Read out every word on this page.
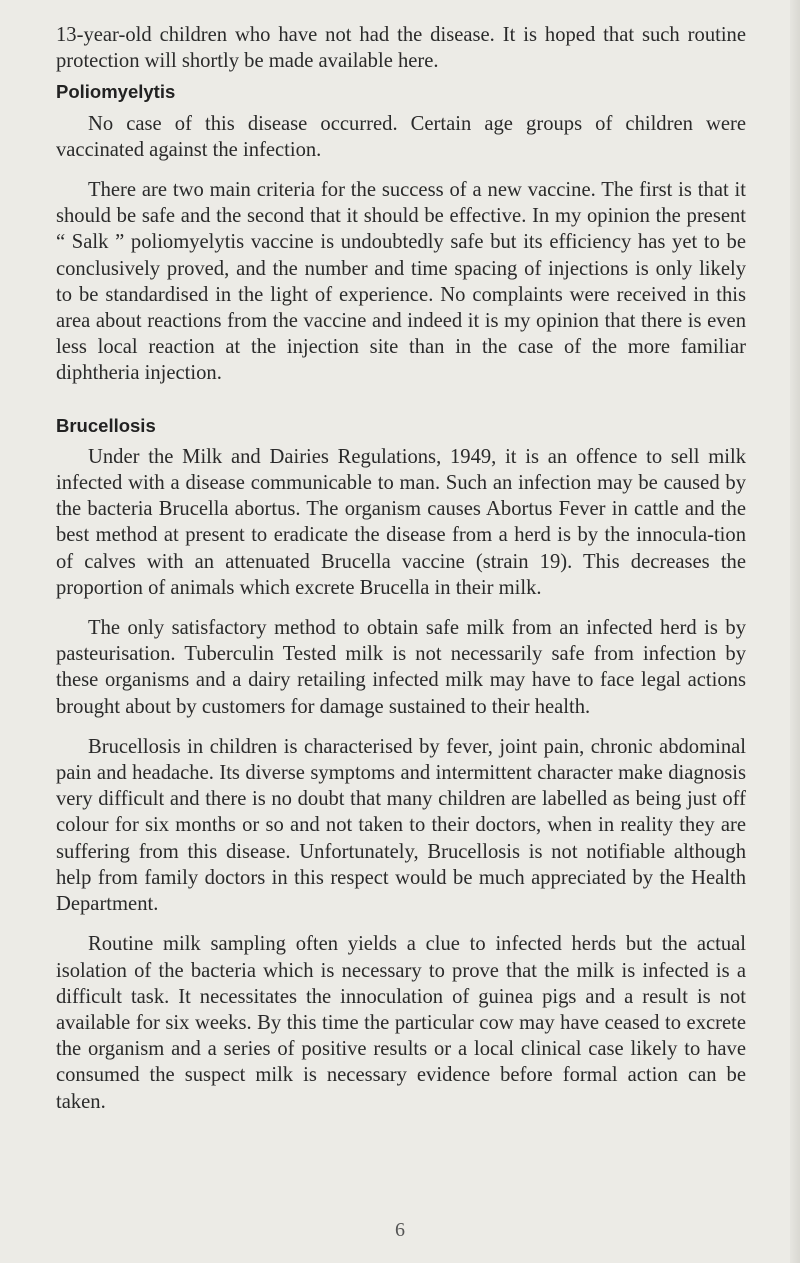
13-year-old children who have not had the disease. It is hoped that such routine protection will shortly be made available here.

Poliomyelytis

No case of this disease occurred. Certain age groups of children were vaccinated against the infection.

There are two main criteria for the success of a new vaccine. The first is that it should be safe and the second that it should be effective. In my opinion the present “ Salk ” poliomyelytis vaccine is undoubtedly safe but its efficiency has yet to be conclusively proved, and the number and time spacing of injections is only likely to be standardised in the light of experience. No complaints were received in this area about reactions from the vaccine and indeed it is my opinion that there is even less local reaction at the injection site than in the case of the more familiar diphtheria injection.

Brucellosis

Under the Milk and Dairies Regulations, 1949, it is an offence to sell milk infected with a disease communicable to man. Such an infection may be caused by the bacteria Brucella abortus. The organism causes Abortus Fever in cattle and the best method at present to eradicate the disease from a herd is by the innocula-tion of calves with an attenuated Brucella vaccine (strain 19). This decreases the proportion of animals which excrete Brucella in their milk.

The only satisfactory method to obtain safe milk from an infected herd is by pasteurisation. Tuberculin Tested milk is not necessarily safe from infection by these organisms and a dairy retailing infected milk may have to face legal actions brought about by customers for damage sustained to their health.

Brucellosis in children is characterised by fever, joint pain, chronic abdominal pain and headache. Its diverse symptoms and intermittent character make diagnosis very difficult and there is no doubt that many children are labelled as being just off colour for six months or so and not taken to their doctors, when in reality they are suffering from this disease. Unfortunately, Brucellosis is not notifiable although help from family doctors in this respect would be much appreciated by the Health Department.

Routine milk sampling often yields a clue to infected herds but the actual isolation of the bacteria which is necessary to prove that the milk is infected is a difficult task. It necessitates the innoculation of guinea pigs and a result is not available for six weeks. By this time the particular cow may have ceased to excrete the organism and a series of positive results or a local clinical case likely to have consumed the suspect milk is necessary evidence before formal action can be taken.

6
